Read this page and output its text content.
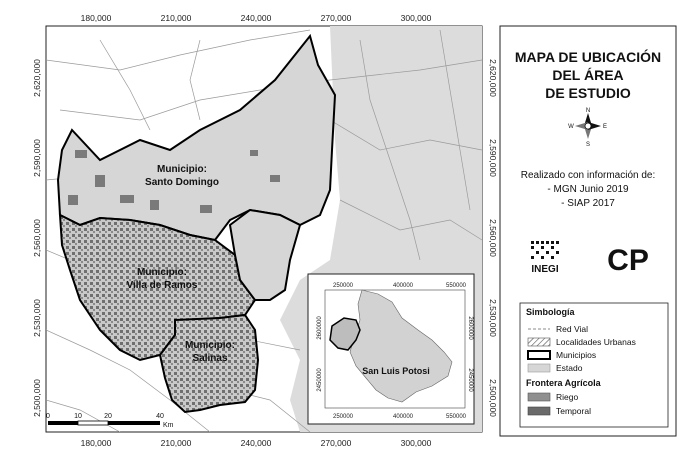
180,000	210,000	240,000	270,000	300,000
180,000	210,000	240,000	270,000	300,000
2,620,000
2,590,000
2,560,000
2,530,000
2,500,000
2,620,000
2,590,000
2,560,000
2,530,000
2,500,000
Municipio:
Santo Domingo
Municipio:
Villa de Ramos
Municipio:
Salinas
0	10	20	40
Km
250000	400000	550000
250000	400000	550000
2600000
2450000
2600000
2450000
San Luis Potosi
MAPA DE UBICACIÓN
DEL ÁREA
DE ESTUDIO
N
S
W	E
Realizado con información de:
- MGN Junio 2019
- SIAP 2017
INEGI CP
Simbología
Red Vial
Localidades Urbanas
Municipios
Estado
Frontera Agrícola
Riego
Temporal
